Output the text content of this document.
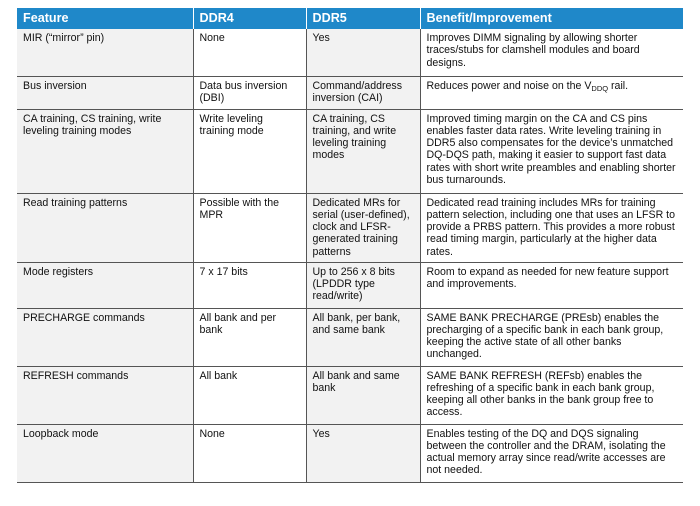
Feature	DDR4	DDR5	Benefit/Improvement
MIR (“mirror” pin)	None	Yes	Improves DIMM signaling by allowing shorter traces/stubs for clamshell modules and board designs.
Bus inversion	Data bus inversion (DBI)	Command/address inversion (CAI)	Reduces power and noise on the $V_{DDQ}$ rail.
CA training, CS training, write leveling training modes	Write leveling training mode	CA training, CS training, and write leveling training modes	Improved timing margin on the CA and CS pins enables faster data rates. Write leveling training in DDR5 also compensates for the device’s unmatched DQ-DQS path, making it easier to support fast data rates with short write preambles and enabling shorter bus turnarounds.
Read training patterns	Possible with the MPR	Dedicated MRs for serial (user-defined), clock and LFSR-generated training patterns	Dedicated read training includes MRs for training pattern selection, including one that uses an LFSR to provide a PRBS pattern. This provides a more robust read timing margin, particularly at the higher data rates.
Mode registers	7 x 17 bits	Up to 256 x 8 bits (LPDDR type read/write)	Room to expand as needed for new feature support and improvements.
PRECHARGE commands	All bank and per bank	All bank, per bank, and same bank	SAME BANK PRECHARGE (PREsb) enables the precharging of a specific bank in each bank group, keeping the active state of all other banks unchanged.
REFRESH commands	All bank	All bank and same bank	SAME BANK REFRESH (REFsb) enables the refreshing of a specific bank in each bank group, keeping all other banks in the bank group free to access.
Loopback mode	None	Yes	Enables testing of the DQ and DQS signaling between the controller and the DRAM, isolating the actual memory array since read/write accesses are not needed.
